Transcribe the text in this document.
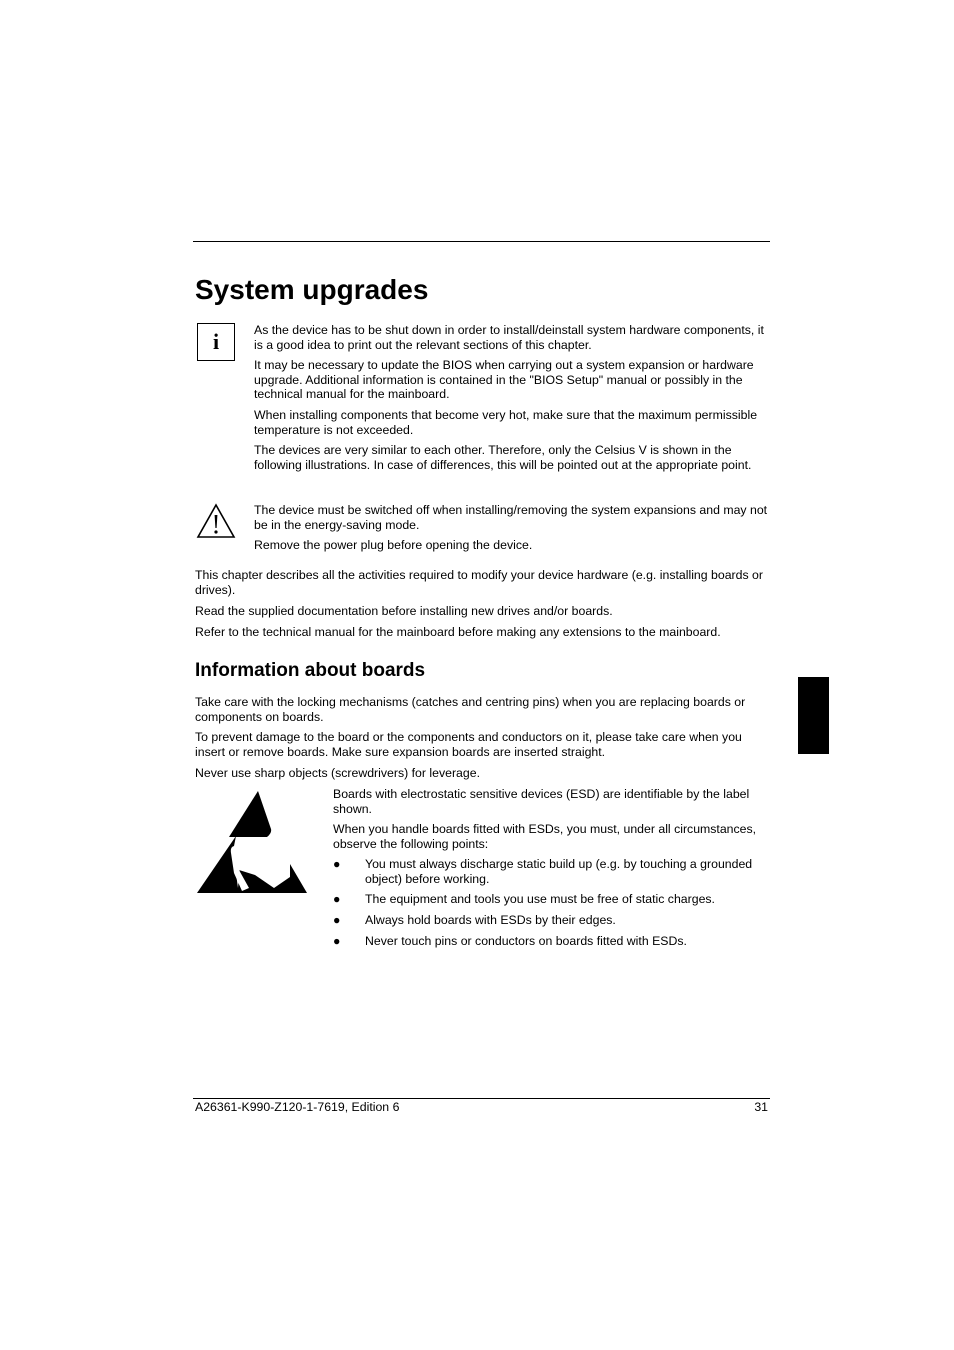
System upgrades
i	As the device has to be shut down in order to install/deinstall system hardware components, it is a good idea to print out the relevant sections of this chapter.

It may be necessary to update the BIOS when carrying out a system expansion or hardware upgrade. Additional information is contained in the "BIOS Setup" manual or possibly in the technical manual for the mainboard.

When installing components that become very hot, make sure that the maximum permissible temperature is not exceeded.

The devices are very similar to each other. Therefore, only the Celsius V is shown in the following illustrations. In case of differences, this will be pointed out at the appropriate point.

The device must be switched off when installing/removing the system expansions and may not be in the energy-saving mode.

Remove the power plug before opening the device.

This chapter describes all the activities required to modify your device hardware (e.g. installing boards or drives).

Read the supplied documentation before installing new drives and/or boards.

Refer to the technical manual for the mainboard before making any extensions to the mainboard.

Information about boards

Take care with the locking mechanisms (catches and centring pins) when you are replacing boards or components on boards.

To prevent damage to the board or the components and conductors on it, please take care when you insert or remove boards. Make sure expansion boards are inserted straight.

Never use sharp objects (screwdrivers) for leverage.

Boards with electrostatic sensitive devices (ESD) are identifiable by the label shown.

When you handle boards fitted with ESDs, you must, under all circumstances, observe the following points:

●	You must always discharge static build up (e.g. by touching a grounded object) before working.
●	The equipment and tools you use must be free of static charges.
●	Always hold boards with ESDs by their edges.
●	Never touch pins or conductors on boards fitted with ESDs.
A26361-K990-Z120-1-7619, Edition 6	31
